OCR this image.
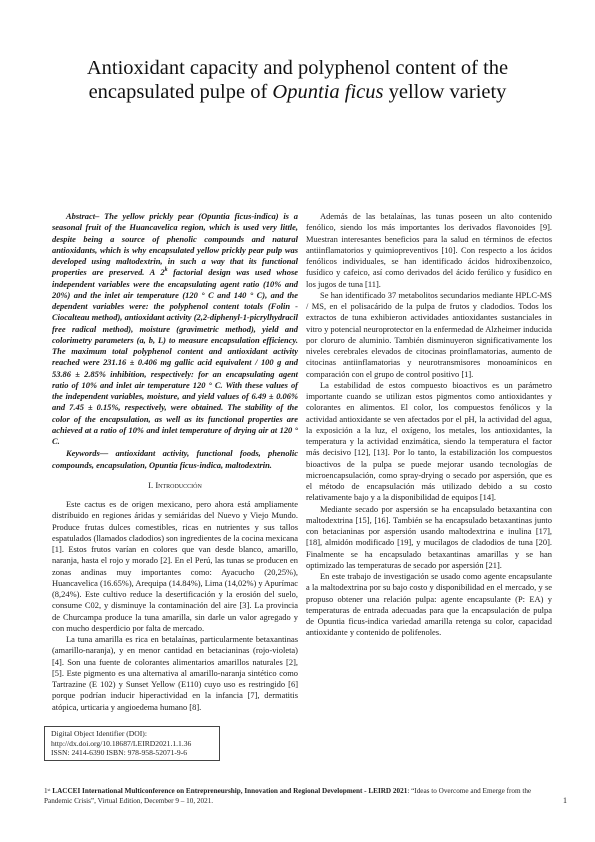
Antioxidant capacity and polyphenol content of the
encapsulated pulpe of Opuntia ficus yellow variety

Abstract– The yellow prickly pear (Opuntia ficus-indica) is a seasonal fruit of the Huancavelica region, which is used very little, despite being a source of phenolic compounds and natural antioxidants, which is why encapsulated yellow prickly pear pulp was developed using maltodextrin, in such a way that its functional properties are preserved. A 2$^k$ factorial design was used whose independent variables were the encapsulating agent ratio (10% and 20%) and the inlet air temperature (120 ° C and 140 ° C), and the dependent variables were: the polyphenol content totals (Folin - Ciocalteau method), antioxidant activity (2,2-diphenyl-1-picrylhydracil free radical method), moisture (gravimetric method), yield and colorimetry parameters (a, b, L) to measure encapsulation efficiency. The maximum total polyphenol content and antioxidant activity reached were 231.16 ± 0.406 mg gallic acid equivalent / 100 g and 53.86 ± 2.85% inhibition, respectively: for an encapsulating agent ratio of 10% and inlet air temperature 120 ° C. With these values of the independent variables, moisture, and yield values of 6.49 ± 0.06% and 7.45 ± 0.15%, respectively, were obtained. The stability of the color of the encapsulation, as well as its functional properties are achieved at a ratio of 10% and inlet temperature of drying air at 120 ° C.

Keywords–– antioxidant activity, functional foods, phenolic compounds, encapsulation, Opuntia ficus-indica, maltodextrin.

I. Introducción

Este cactus es de origen mexicano, pero ahora está ampliamente distribuido en regiones áridas y semiáridas del Nuevo y Viejo Mundo. Produce frutas dulces comestibles, ricas en nutrientes y sus tallos espatulados (llamados cladodios) son ingredientes de la cocina mexicana [1]. Estos frutos varían en colores que van desde blanco, amarillo, naranja, hasta el rojo y morado [2]. En el Perú, las tunas se producen en zonas andinas muy importantes como: Ayacucho (20,25%), Huancavelica (16.65%), Arequipa (14.84%), Lima (14,02%) y Apurímac (8,24%). Este cultivo reduce la desertificación y la erosión del suelo, consume C02, y disminuye la contaminación del aire [3]. La provincia de Churcampa produce la tuna amarilla, sin darle un valor agregado y con mucho desperdicio por falta de mercado.

La tuna amarilla es rica en betalaínas, particularmente betaxantinas (amarillo-naranja), y en menor cantidad en betacianinas (rojo-violeta) [4]. Son una fuente de colorantes alimentarios amarillos naturales [2], [5]. Este pigmento es una alternativa al amarillo-naranja sintético como Tartrazine (E 102) y Sunset Yellow (E110) cuyo uso es restringido [6] porque podrían inducir hiperactividad en la infancia [7], dermatitis atópica, urticaria y angioedema humano [8].

Además de las betalaínas, las tunas poseen un alto contenido fenólico, siendo los más importantes los derivados flavonoides [9]. Muestran interesantes beneficios para la salud en términos de efectos antiinflamatorios y quimiopreventivos [10]. Con respecto a los ácidos fenólicos individuales, se han identificado ácidos hidroxibenzoico, fusídico y cafeico, así como derivados del ácido ferúlico y fusídico en los jugos de tuna [11].

Se han identificado 37 metabolitos secundarios mediante HPLC-MS / MS, en el polisacárido de la pulpa de frutos y cladodios. Todos los extractos de tuna exhibieron actividades antioxidantes sustanciales in vitro y potencial neuroprotector en la enfermedad de Alzheimer inducida por cloruro de aluminio. También disminuyeron significativamente los niveles cerebrales elevados de citocinas proinflamatorias, aumento de citocinas antiinflamatorias y neurotransmisores monoamínicos en comparación con el grupo de control positivo [1].

La estabilidad de estos compuesto bioactivos es un parámetro importante cuando se utilizan estos pigmentos como antioxidantes y colorantes en alimentos. El color, los compuestos fenólicos y la actividad antioxidante se ven afectados por el pH, la actividad del agua, la exposición a la luz, el oxígeno, los metales, los antioxidantes, la temperatura y la actividad enzimática, siendo la temperatura el factor más decisivo [12], [13]. Por lo tanto, la estabilización los compuestos bioactivos de la pulpa se puede mejorar usando tecnologías de microencapsulación, como spray-drying o secado por aspersión, que es el método de encapsulación más utilizado debido a su costo relativamente bajo y a la disponibilidad de equipos [14].

Mediante secado por aspersión se ha encapsulado betaxantina con maltodextrina [15], [16]. También se ha encapsulado betaxantinas junto con betacianinas por aspersión usando maltodextrina e inulina [17], [18], almidón modificado [19], y mucílagos de cladodios de tuna [20]. Finalmente se ha encapsulado betaxantinas amarillas y se han optimizado las temperaturas de secado por aspersión [21].

En este trabajo de investigación se usado como agente encapsulante a la maltodextrina por su bajo costo y disponibilidad en el mercado, y se propuso obtener una relación pulpa: agente encapsulante (P: EA) y temperaturas de entrada adecuadas para que la encapsulación de pulpa de Opuntia ficus-indica variedad amarilla retenga su color, capacidad antioxidante y contenido de polifenoles.

Digital Object Identifier (DOI):
http://dx.doi.org/10.18687/LEIRD2021.1.1.36
ISSN: 2414-6390 ISBN: 978-958-52071-9-6
1ˢᵗ LACCEI International Multiconference on Entrepreneurship, Innovation and Regional Development - LEIRD 2021: “Ideas to Overcome and Emerge from the Pandemic Crisis”, Virtual Edition, December 9 – 10, 2021.	1
